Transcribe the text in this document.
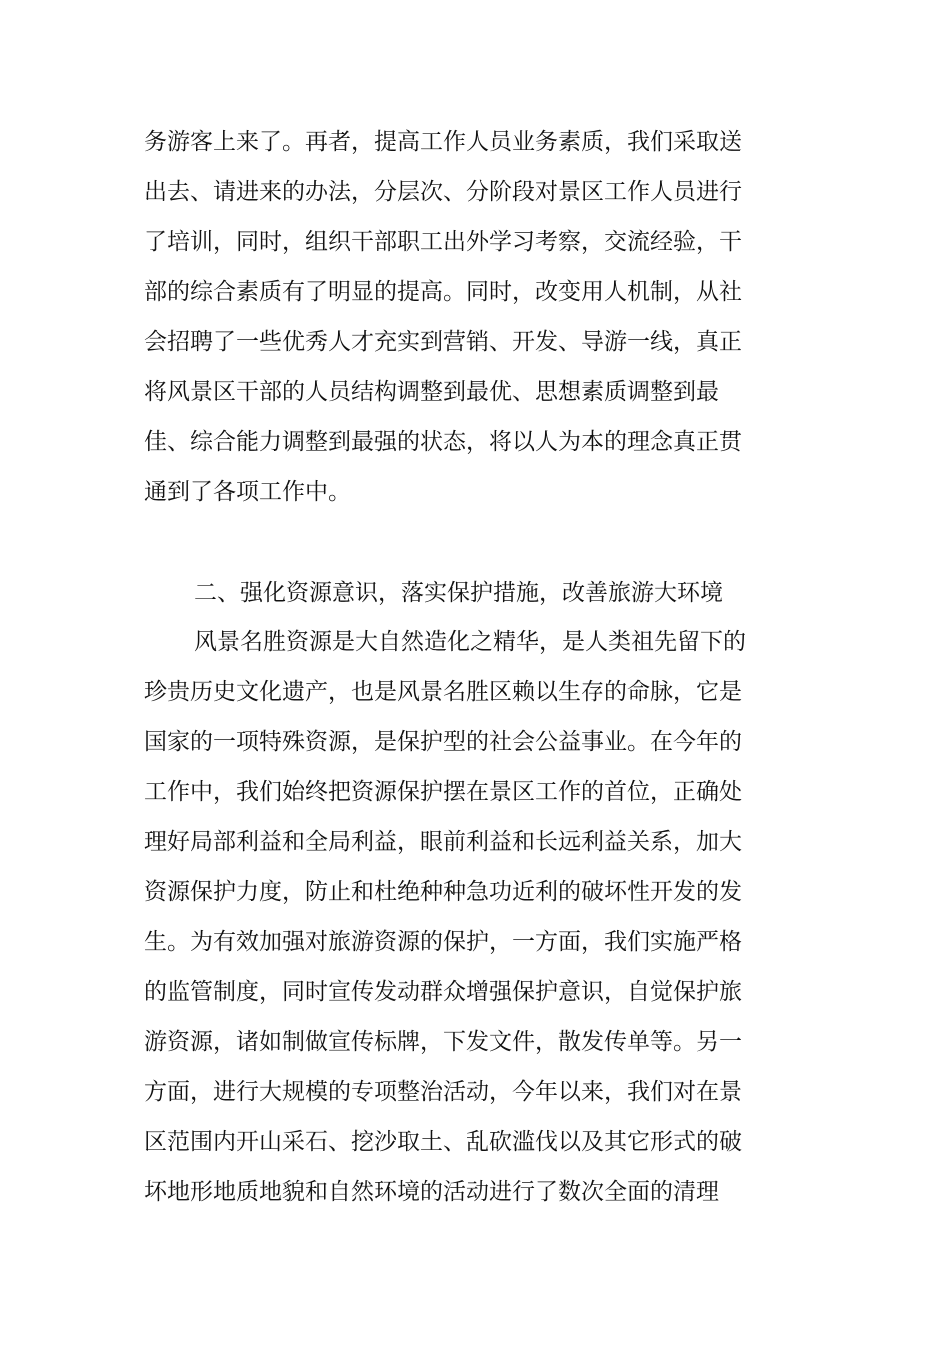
务游客上来了。再者，提高工作人员业务素质，我们采取送
出去、请进来的办法，分层次、分阶段对景区工作人员进行
了培训，同时，组织干部职工出外学习考察，交流经验，干
部的综合素质有了明显的提高。同时，改变用人机制，从社
会招聘了一些优秀人才充实到营销、开发、导游一线，真正
将风景区干部的人员结构调整到最优、思想素质调整到最
佳、综合能力调整到最强的状态，将以人为本的理念真正贯
通到了各项工作中。
二、强化资源意识，落实保护措施，改善旅游大环境
风景名胜资源是大自然造化之精华，是人类祖先留下的
珍贵历史文化遗产，也是风景名胜区赖以生存的命脉，它是
国家的一项特殊资源，是保护型的社会公益事业。在今年的
工作中，我们始终把资源保护摆在景区工作的首位，正确处
理好局部利益和全局利益，眼前利益和长远利益关系，加大
资源保护力度，防止和杜绝种种急功近利的破坏性开发的发
生。为有效加强对旅游资源的保护，一方面，我们实施严格
的监管制度，同时宣传发动群众增强保护意识，自觉保护旅
游资源，诸如制做宣传标牌，下发文件，散发传单等。另一
方面，进行大规模的专项整治活动，今年以来，我们对在景
区范围内开山采石、挖沙取土、乱砍滥伐以及其它形式的破
坏地形地质地貌和自然环境的活动进行了数次全面的清理
